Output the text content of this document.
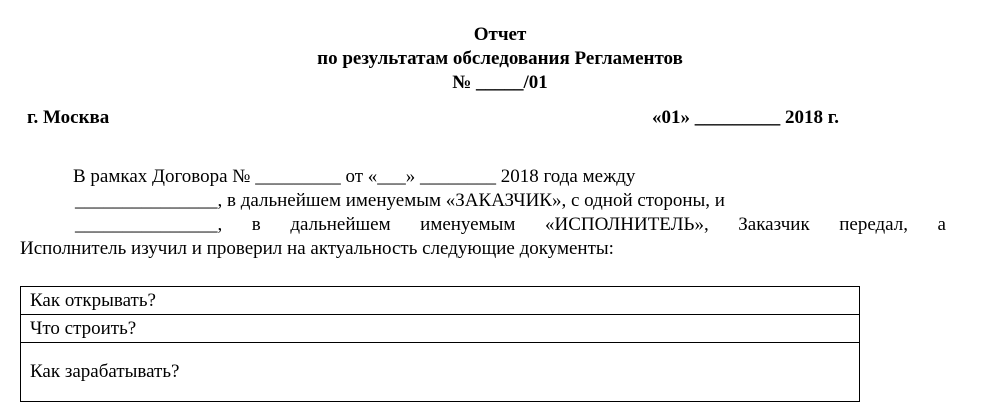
Отчет
по результатам обследования Регламентов
№ _____/01
г. Москва	«01» _________ 2018 г.
В рамках Договора № _________ от «___» ________ 2018 года между
_______________, в дальнейшем именуемым «ЗАКАЗЧИК», с одной стороны, и
_______________, в дальнейшем именуемым «ИСПОЛНИТЕЛЬ», Заказчик передал, а
Исполнитель изучил и проверил на актуальность следующие документы:
Как открывать?
Что строить?
Как зарабатывать?
